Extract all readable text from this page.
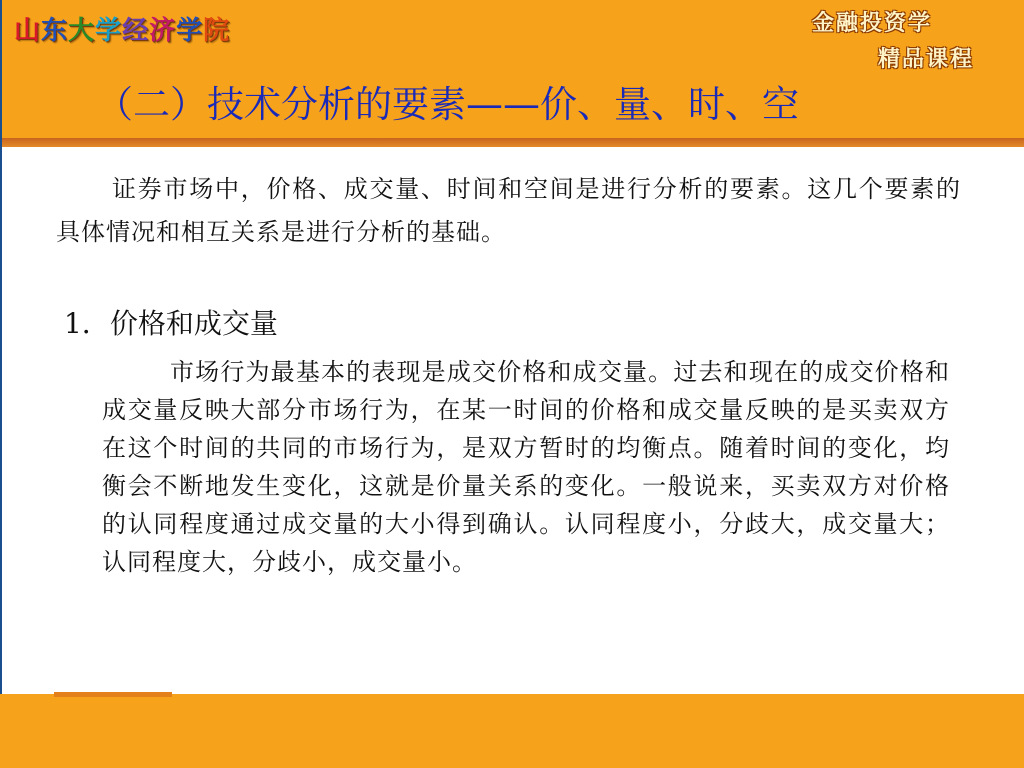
山东大学经济学院	金融投资学
精品课程
（二）技术分析的要素——价、量、时、空
证券市场中，价格、成交量、时间和空间是进行分析的要素。这几个要素的具体情况和相互关系是进行分析的基础。
1．价格和成交量
市场行为最基本的表现是成交价格和成交量。过去和现在的成交价格和成交量反映大部分市场行为，在某一时间的价格和成交量反映的是买卖双方在这个时间的共同的市场行为，是双方暂时的均衡点。随着时间的变化，均衡会不断地发生变化，这就是价量关系的变化。一般说来，买卖双方对价格的认同程度通过成交量的大小得到确认。认同程度小，分歧大，成交量大；认同程度大，分歧小，成交量小。
